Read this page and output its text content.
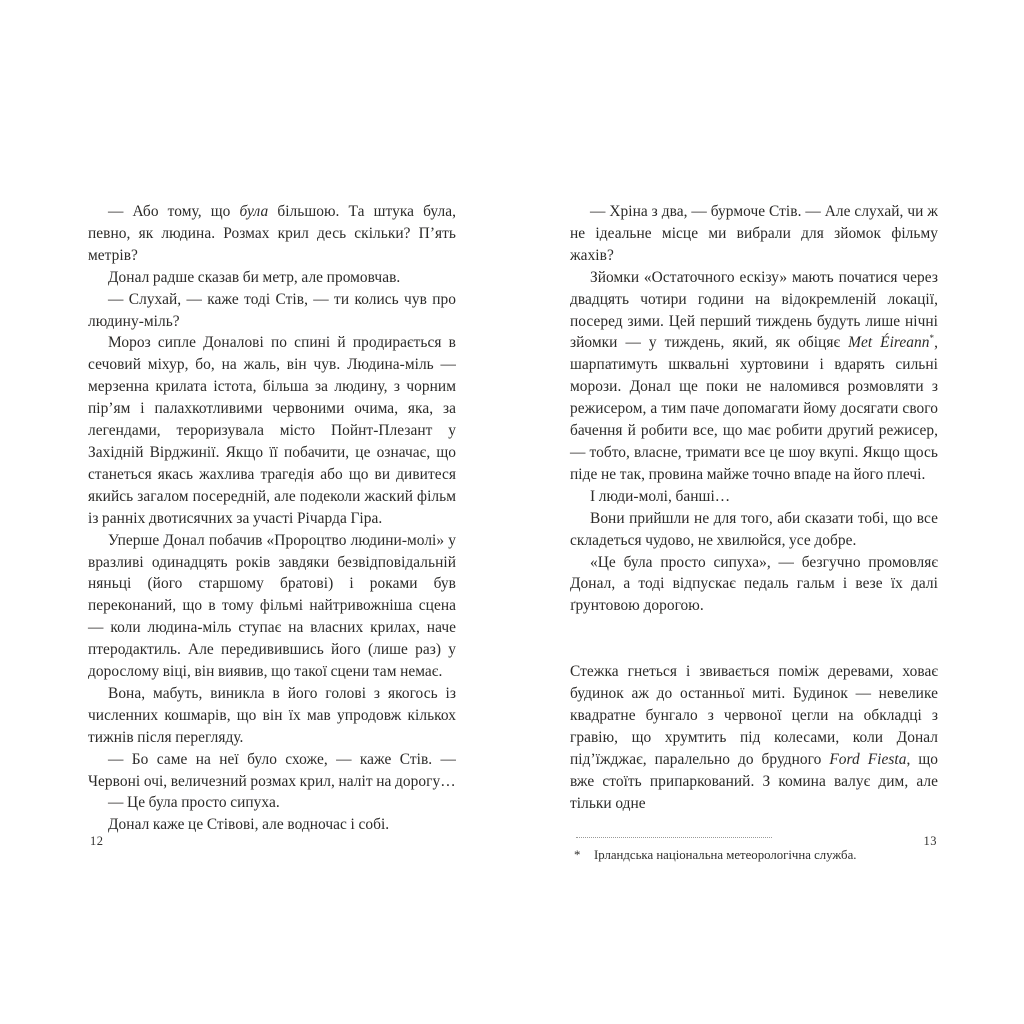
— Або тому, що була більшою. Та штука була, певно, як людина. Розмах крил десь скільки? П’ять метрів?

Донал радше сказав би метр, але промовчав.

— Слухай, — каже тоді Стів, — ти колись чув про людину-міль?

Мороз сипле Доналові по спині й продирається в сечовий міхур, бо, на жаль, він чув. Людина-міль — мерзенна крилата істота, більша за людину, з чорним пір’ям і палахкотливими червоними очима, яка, за легендами, тероризувала місто Пойнт-Плезант у Західній Вірджинії. Якщо її побачити, це означає, що станеться якась жахлива трагедія або що ви дивитеся якийсь загалом посередній, але подеколи жаский фільм із ранніх двотисячних за участі Річарда Гіра.

Уперше Донал побачив «Пророцтво людини-молі» у вразливі одинадцять років завдяки безвідповідальній няньці (його старшому братові) і роками був переконаний, що в тому фільмі найтривожніша сцена — коли людина-міль ступає на власних крилах, наче птеродактиль. Але передивившись його (лише раз) у дорослому віці, він виявив, що такої сцени там немає.

Вона, мабуть, виникла в його голові з якогось із численних кошмарів, що він їх мав упродовж кількох тижнів після перегляду.

— Бо саме на неї було схоже, — каже Стів. — Червоні очі, величезний розмах крил, наліт на дорогу…

— Це була просто сипуха.

Донал каже це Стівові, але водночас і собі.

12

— Хріна з два, — бурмоче Стів. — Але слухай, чи ж не ідеальне місце ми вибрали для зйомок фільму жахів?

Зйомки «Остаточного ескізу» мають початися через двадцять чотири години на відокремленій локації, посеред зими. Цей перший тиждень будуть лише нічні зйомки — у тиждень, який, як обіцяє Met Éireann*, шарпатимуть шквальні хуртовини і вдарять сильні морози. Донал ще поки не наломився розмовляти з режисером, а тим паче допомагати йому досягати свого бачення й робити все, що має робити другий режисер, — тобто, власне, тримати все це шоу вкупі. Якщо щось піде не так, провина майже точно впаде на його плечі.

І люди-молі, банші…

Вони прийшли не для того, аби сказати тобі, що все складеться чудово, не хвилюйся, усе добре.

«Це була просто сипуха», — безгучно промовляє Донал, а тоді відпускає педаль гальм і везе їх далі ґрунтовою дорогою.

Стежка гнеться і звивається поміж деревами, ховає будинок аж до останньої миті. Будинок — невелике квадратне бунгало з червоної цегли на обкладці з гравію, що хрумтить під колесами, коли Донал під’їжджає, паралельно до брудного Ford Fiesta, що вже стоїть припаркований. З комина валує дим, але тільки одне

*	Ірландська національна метеорологічна служба.
13
